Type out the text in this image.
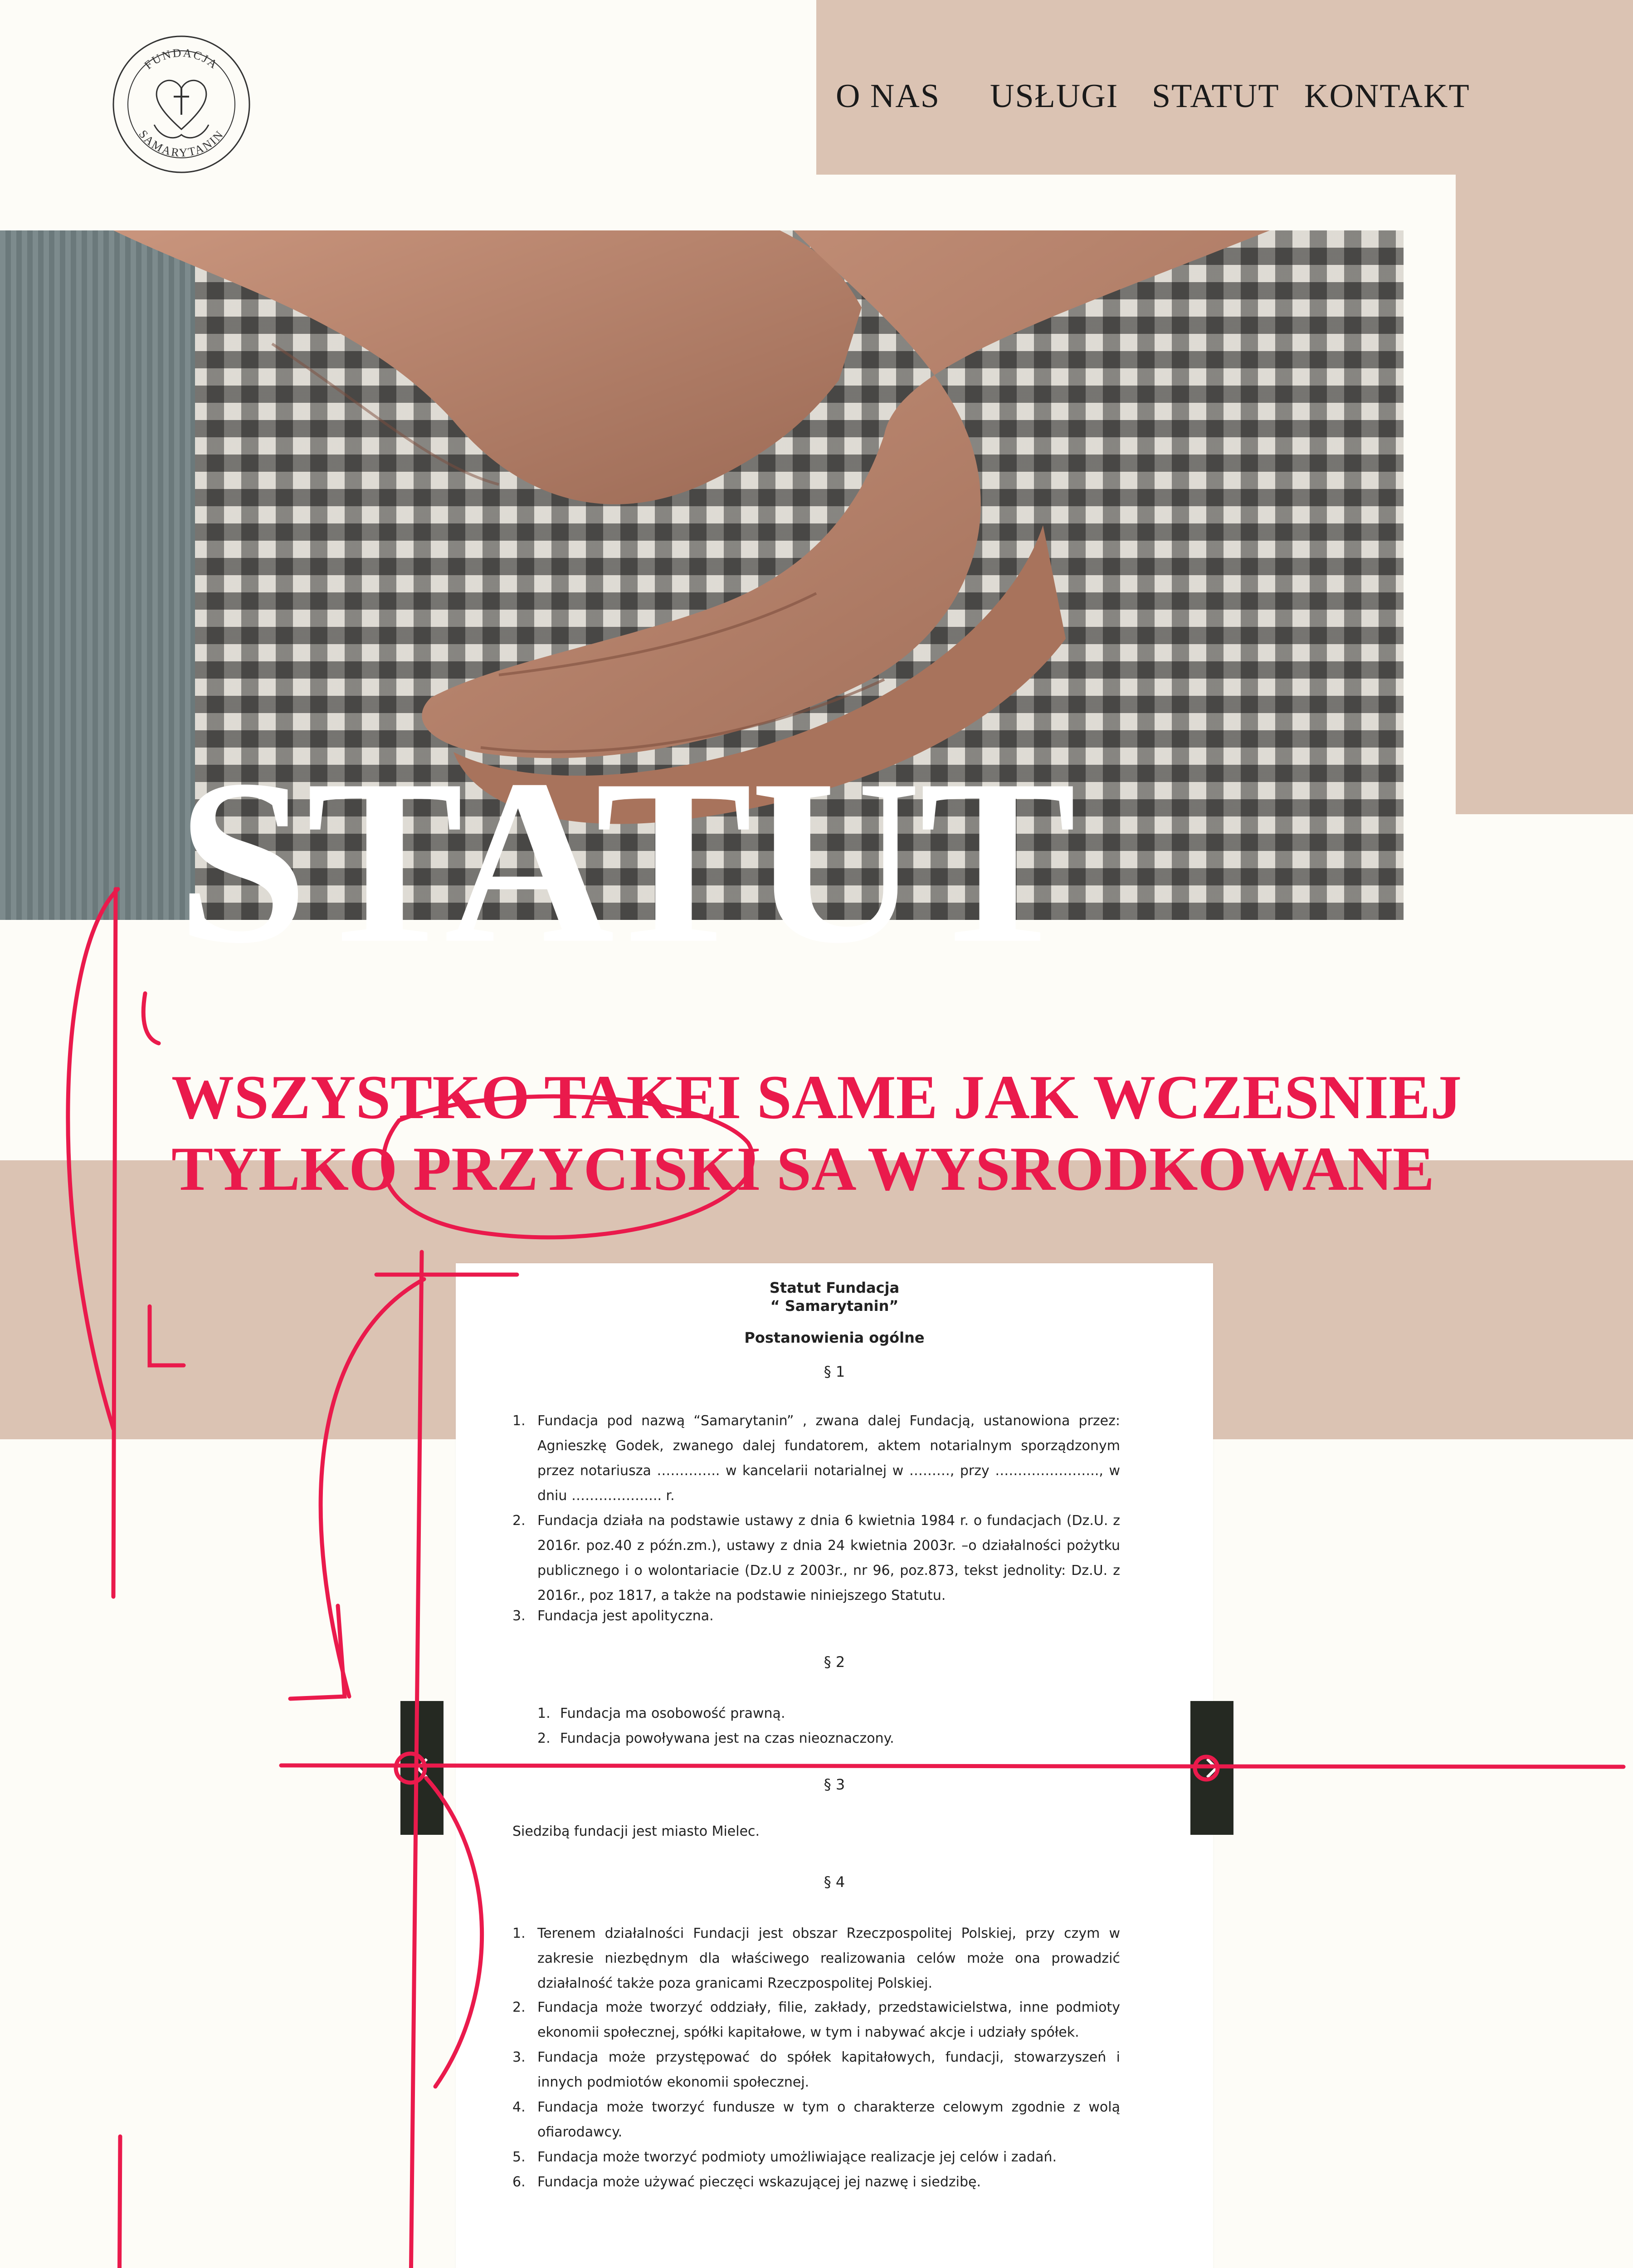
FUNDACJA
SAMARYTANIN
O NAS USŁUGI STATUT KONTAKT
STATUT
WSZYSTKO TAKEI SAME JAK WCZESNIEJ
TYLKO PRZYCISKI SA WYSRODKOWANE
Statut Fundacja
“ Samarytanin”
Postanowienia ogólne
§ 1
1. Fundacja pod nazwą “Samarytanin” , zwana dalej Fundacją, ustanowiona przez: Agnieszkę Godek, zwanego dalej fundatorem, aktem notarialnym sporządzonym przez notariusza ………….. w kancelarii notarialnej w ………, przy ………………….., w dniu ……………….. r.
2. Fundacja działa na podstawie ustawy z dnia 6 kwietnia 1984 r. o fundacjach (Dz.U. z 2016r. poz.40 z późn.zm.), ustawy z dnia 24 kwietnia 2003r. –o działalności pożytku publicznego i o wolontariacie (Dz.U z 2003r., nr 96, poz.873, tekst jednolity: Dz.U. z 2016r., poz 1817, a także na podstawie niniejszego Statutu.
3. Fundacja jest apolityczna.
§ 2
1. Fundacja ma osobowość prawną.
2. Fundacja powoływana jest na czas nieoznaczony.
§ 3
Siedzibą fundacji jest miasto Mielec.
§ 4
1. Terenem działalności Fundacji jest obszar Rzeczpospolitej Polskiej, przy czym w zakresie niezbędnym dla właściwego realizowania celów może ona prowadzić działalność także poza granicami Rzeczpospolitej Polskiej.
2. Fundacja może tworzyć oddziały, filie, zakłady, przedstawicielstwa, inne podmioty ekonomii społecznej, spółki kapitałowe, w tym i nabywać akcje i udziały spółek.
3. Fundacja może przystępować do spółek kapitałowych, fundacji, stowarzyszeń i innych podmiotów ekonomii społecznej.
4. Fundacja może tworzyć fundusze w tym o charakterze celowym zgodnie z wolą ofiarodawcy.
5. Fundacja może tworzyć podmioty umożliwiające realizacje jej celów i zadań.
6. Fundacja może używać pieczęci wskazującej jej nazwę i siedzibę.
